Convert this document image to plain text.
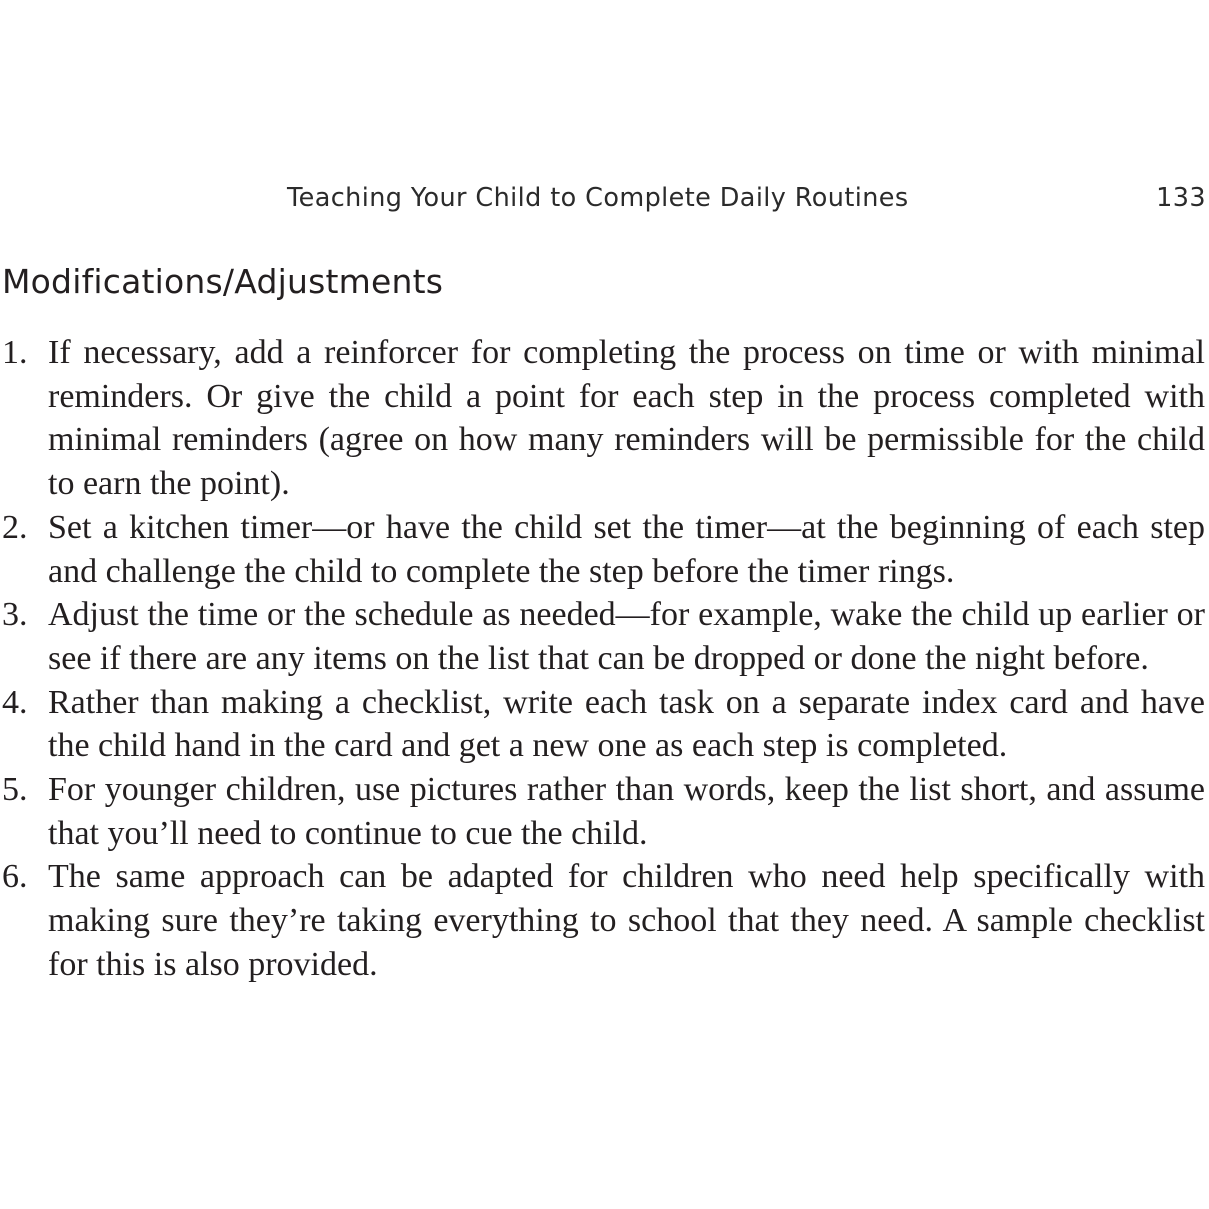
Teaching Your Child to Complete Daily Routines	133
Modifications/Adjustments
1. If necessary, add a reinforcer for completing the process on time or with minimal reminders. Or give the child a point for each step in the process completed with minimal reminders (agree on how many reminders will be permissible for the child to earn the point).
2. Set a kitchen timer—or have the child set the timer—at the beginning of each step and challenge the child to complete the step before the timer rings.
3. Adjust the time or the schedule as needed—for example, wake the child up earlier or see if there are any items on the list that can be dropped or done the night before.
4. Rather than making a checklist, write each task on a separate index card and have the child hand in the card and get a new one as each step is completed.
5. For younger children, use pictures rather than words, keep the list short, and assume that you’ll need to continue to cue the child.
6. The same approach can be adapted for children who need help specifically with making sure they’re taking everything to school that they need. A sample checklist for this is also provided.
